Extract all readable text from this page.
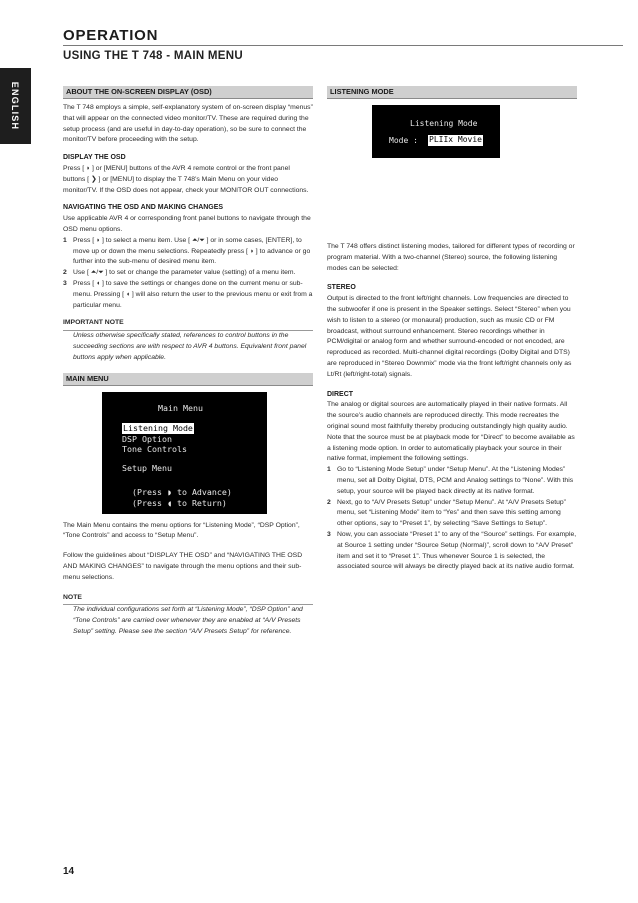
OPERATION
USING THE T 748 - MAIN MENU
ENGLISH	ABOUT THE ON-SCREEN DISPLAY (OSD)

The T 748 employs a simple, self-explanatory system of on-screen display “menus” that will appear on the connected video monitor/TV. These are required during the setup process (and are useful in day-to-day operation), so be sure to connect the monitor/TV before proceeding with the setup.

DISPLAY THE OSD

Press [ ◗ ] or [MENU] buttons of the AVR 4 remote control or the front panel buttons [ ❯ ] or [MENU] to display the T 748’s Main Menu on your video monitor/TV. If the OSD does not appear, check your MONITOR OUT connections.

NAVIGATING THE OSD AND MAKING CHANGES

Use applicable AVR 4 or corresponding front panel buttons to navigate through the OSD menu options.

1 Press [ ◗ ] to select a menu item. Use [ ⏶/⏷ ] or in some cases, [ENTER], to move up or down the menu selections. Repeatedly press [ ◗ ] to advance or go further into the sub-menu of desired menu item.
2 Use [ ⏶/⏷ ] to set or change the parameter value (setting) of a menu item.
3 Press [ ◖ ] to save the settings or changes done on the current menu or sub-menu. Pressing [ ◖ ] will also return the user to the previous menu or exit from a particular menu.

IMPORTANT NOTE

Unless otherwise specifically stated, references to control buttons in the succeeding sections are with respect to AVR 4 buttons. Equivalent front panel buttons apply when applicable.

MAIN MENU
Main Menu
Listening Mode
DSP Option
Tone Controls
Setup Menu
(Press ◗ to Advance)
(Press ◖ to Return)

The Main Menu contains the menu options for “Listening Mode”, “DSP Option”, “Tone Controls” and access to “Setup Menu”.

Follow the guidelines about “DISPLAY THE OSD” and “NAVIGATING THE OSD AND MAKING CHANGES” to navigate through the menu options and their sub-menu selections.

NOTE

The individual configurations set forth at “Listening Mode”, “DSP Option” and “Tone Controls” are carried over whenever they are enabled at “A/V Presets Setup” setting. Please see the section “A/V Presets Setup” for reference.

LISTENING MODE
Listening Mode
Mode : PLIIx Movie

The T 748 offers distinct listening modes, tailored for different types of recording or program material. With a two-channel (Stereo) source, the following listening modes can be selected:

STEREO

Output is directed to the front left/right channels. Low frequencies are directed to the subwoofer if one is present in the Speaker settings. Select “Stereo” when you wish to listen to a stereo (or monaural) production, such as music CD or FM broadcast, without surround enhancement. Stereo recordings whether in PCM/digital or analog form and whether surround-encoded or not encoded, are reproduced as recorded. Multi-channel digital recordings (Dolby Digital and DTS) are reproduced in “Stereo Downmix” mode via the front left/right channels only as Lt/Rt (left/right-total) signals.

DIRECT

The analog or digital sources are automatically played in their native formats. All the source’s audio channels are reproduced directly. This mode recreates the original sound most faithfully thereby producing outstandingly high quality audio. Note that the source must be at playback mode for “Direct” to become available as a listening mode option. In order to automatically playback your source in their native format, implement the following settings.

1 Go to “Listening Mode Setup” under “Setup Menu”. At the “Listening Modes” menu, set all Dolby Digital, DTS, PCM and Analog settings to “None”. With this setup, your source will be played back directly at its native format.
2 Next, go to “A/V Presets Setup” under “Setup Menu”. At “A/V Presets Setup” menu, set “Listening Mode” item to “Yes” and then save this setting among other options, say to “Preset 1”, by selecting “Save Settings to Setup”.
3 Now, you can associate “Preset 1” to any of the “Source” settings. For example, at Source 1 setting under “Source Setup (Normal)”, scroll down to “A/V Preset” item and set it to “Preset 1”. Thus whenever Source 1 is selected, the associated source will always be directly played back at its native audio format.
14
